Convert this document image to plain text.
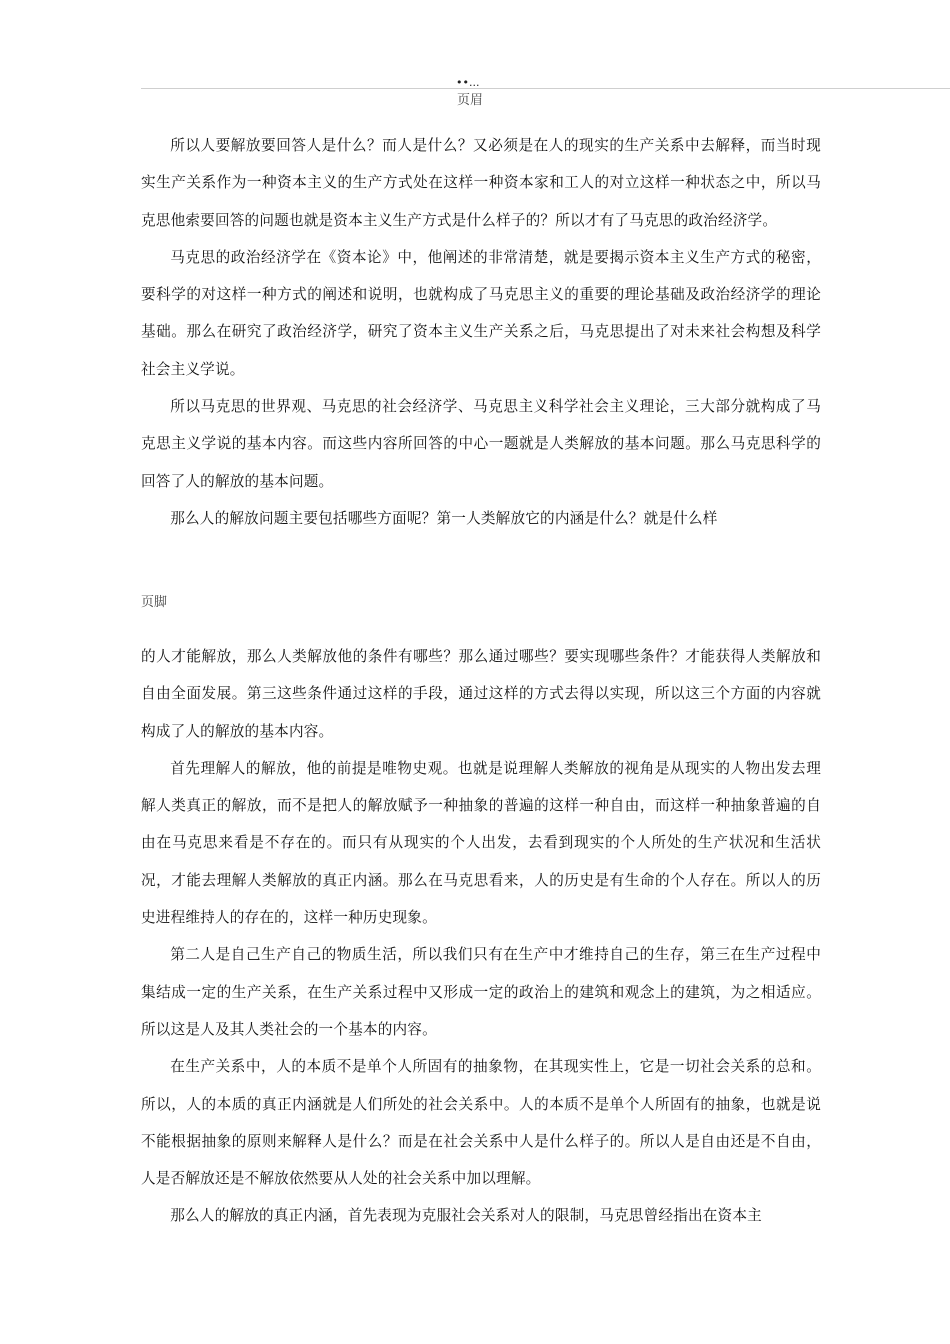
••...
页眉

所以人要解放要回答人是什么？而人是什么？又必须是在人的现实的生产关系中去解释，而当时现实生产关系作为一种资本主义的生产方式处在这样一种资本家和工人的对立这样一种状态之中，所以马克思他索要回答的问题也就是资本主义生产方式是什么样子的？所以才有了马克思的政治经济学。

马克思的政治经济学在《资本论》中，他阐述的非常清楚，就是要揭示资本主义生产方式的秘密，要科学的对这样一种方式的阐述和说明，也就构成了马克思主义的重要的理论基础及政治经济学的理论基础。那么在研究了政治经济学，研究了资本主义生产关系之后，马克思提出了对未来社会构想及科学社会主义学说。

所以马克思的世界观、马克思的社会经济学、马克思主义科学社会主义理论，三大部分就构成了马克思主义学说的基本内容。而这些内容所回答的中心一题就是人类解放的基本问题。那么马克思科学的回答了人的解放的基本问题。

那么人的解放问题主要包括哪些方面呢？第一人类解放它的内涵是什么？就是什么样

页脚

的人才能解放，那么人类解放他的条件有哪些？那么通过哪些？要实现哪些条件？才能获得人类解放和自由全面发展。第三这些条件通过这样的手段，通过这样的方式去得以实现，所以这三个方面的内容就构成了人的解放的基本内容。

首先理解人的解放，他的前提是唯物史观。也就是说理解人类解放的视角是从现实的人物出发去理解人类真正的解放，而不是把人的解放赋予一种抽象的普遍的这样一种自由，而这样一种抽象普遍的自由在马克思来看是不存在的。而只有从现实的个人出发，去看到现实的个人所处的生产状况和生活状况，才能去理解人类解放的真正内涵。那么在马克思看来，人的历史是有生命的个人存在。所以人的历史进程维持人的存在的，这样一种历史现象。

第二人是自己生产自己的物质生活，所以我们只有在生产中才维持自己的生存，第三在生产过程中集结成一定的生产关系，在生产关系过程中又形成一定的政治上的建筑和观念上的建筑，为之相适应。所以这是人及其人类社会的一个基本的内容。

在生产关系中，人的本质不是单个人所固有的抽象物，在其现实性上，它是一切社会关系的总和。所以，人的本质的真正内涵就是人们所处的社会关系中。人的本质不是单个人所固有的抽象，也就是说不能根据抽象的原则来解释人是什么？而是在社会关系中人是什么样子的。所以人是自由还是不自由，人是否解放还是不解放依然要从人处的社会关系中加以理解。

那么人的解放的真正内涵，首先表现为克服社会关系对人的限制，马克思曾经指出在资本主
